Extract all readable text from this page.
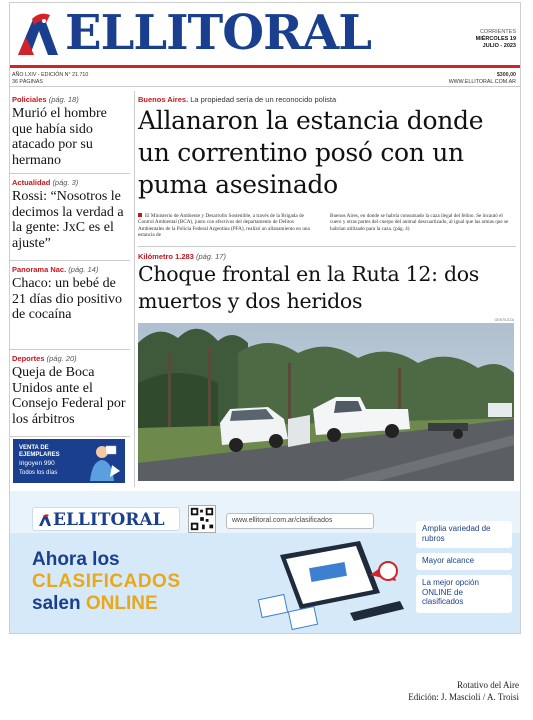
ELLITORAL	CORRIENTES
MIÉRCOLES 19
JULIO - 2023
AÑO LXIV - EDICIÓN N° 21.710
36 PÁGINAS
$300,00
WWW.ELLITORAL.COM.AR
Policiales (pág. 18)
Murió el hombre que había sido atacado por su hermano
Actualidad (pág. 3)
Rossi: “Nosotros le decimos la verdad a la gente: JxC es el ajuste”
Panorama Nac. (pág. 14)
Chaco: un bebé de 21 días dio positivo de cocaína
Deportes (pág. 20)
Queja de Boca Unidos ante el Consejo Federal por los árbitros
VENTA DE
EJEMPLARES
Irigoyen 990
Todos los días
Buenos Aires. La propiedad sería de un reconocido polista
Allanaron la estancia donde un correntino posó con un puma asesinado
El Ministerio de Ambiente y Desarrollo Sostenible, a través de la Brigada de Control Ambiental (BCA), junto con efectivos del departamento de Delitos Ambientales de la Policía Federal Argentina (PFA), realizó un allanamiento en una estancia de
Buenos Aires, en donde se habría consumado la caza ilegal del felino. Se incautó el cuero y otras partes del cuerpo del animal descuartizado, al igual que las armas que se habrían utilizado para la caza. (pág. 4)
Kilómetro 1.283 (pág. 17)
Choque frontal en la Ruta 12: dos muertos y dos heridos
GENTILEZA
ELLITORAL	www.ellitoral.com.ar/clasificados
Ahora los
CLASIFICADOS
salen ONLINE
Amplia variedad de rubros
Mayor alcance
La mejor opción ONLINE de clasificados
Rotativo del Aire
Edición: J. Mascioli / A. Troisi
